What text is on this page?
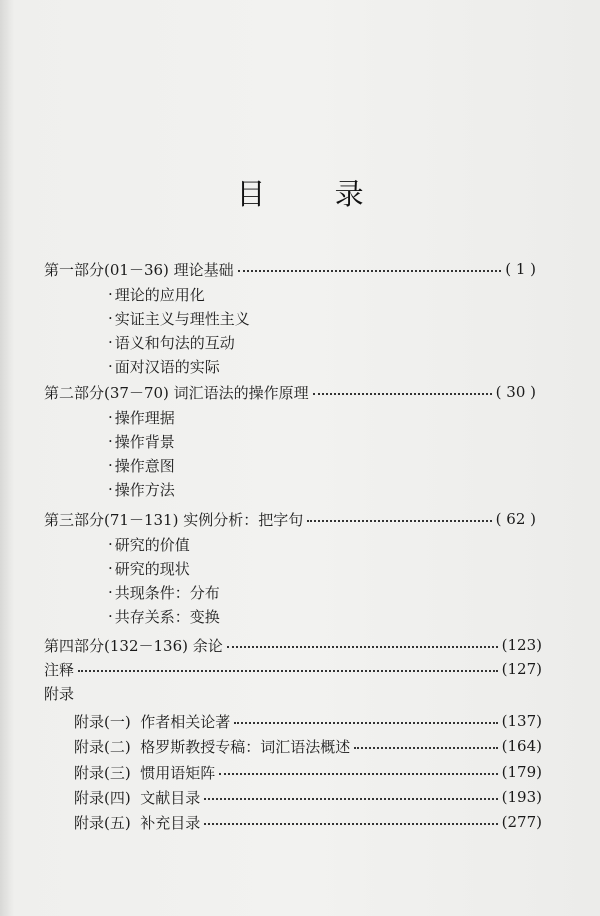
目 录
第一部分(01－36) 理论基础	( 1 )
· 理论的应用化
· 实证主义与理性主义
· 语义和句法的互动
· 面对汉语的实际
第二部分(37－70) 词汇语法的操作原理	( 30 )
· 操作理据
· 操作背景
· 操作意图
· 操作方法
第三部分(71－131) 实例分析：把字句	( 62 )
· 研究的价值
· 研究的现状
· 共现条件：分布
· 共存关系：变换
第四部分(132－136) 余论	(123)
注释	(127)
附录
附录(一)  作者相关论著	(137)
附录(二)  格罗斯教授专稿：词汇语法概述	(164)
附录(三)  惯用语矩阵	(179)
附录(四)  文献目录	(193)
附录(五)  补充目录	(277)
